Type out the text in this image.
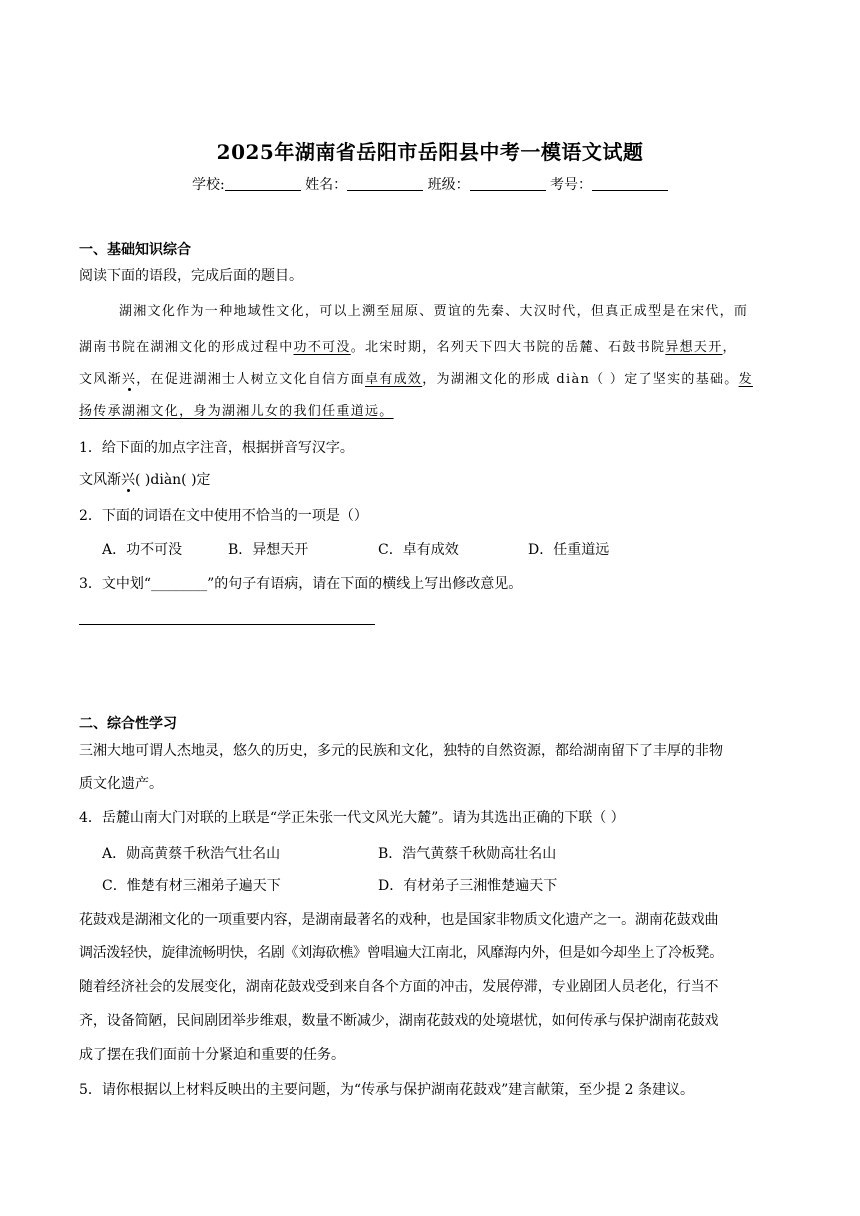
2025年湖南省岳阳市岳阳县中考一模语文试题
学校:	姓名：	班级：	考号：
一、基础知识综合
阅读下面的语段，完成后面的题目。
湖湘文化作为一种地域性文化，可以上溯至屈原、贾谊的先秦、大汉时代，但真正成型是在宋代，而
湖南书院在湖湘文化的形成过程中功不可没。北宋时期，名列天下四大书院的岳麓、石鼓书院异想天开，
文风渐兴，在促进湖湘士人树立文化自信方面卓有成效，为湖湘文化的形成 diàn（ ）定了坚实的基础。发
扬传承湖湘文化，身为湖湘儿女的我们任重道远。
1．给下面的加点字注音，根据拼音写汉字。
文风渐兴( )diàn( )定
2．下面的词语在文中使用不恰当的一项是（）
A．功不可没	B．异想天开	C．卓有成效	D．任重道远
3．文中划“________”的句子有语病，请在下面的横线上写出修改意见。
二、综合性学习
三湘大地可谓人杰地灵，悠久的历史，多元的民族和文化，独特的自然资源，都给湖南留下了丰厚的非物
质文化遗产。
4．岳麓山南大门对联的上联是“学正朱张一代文风光大麓”。请为其选出正确的下联（ ）
A．勋高黄蔡千秋浩气壮名山	B．浩气黄蔡千秋勋高壮名山
C．惟楚有材三湘弟子遍天下	D．有材弟子三湘惟楚遍天下
花鼓戏是湖湘文化的一项重要内容，是湖南最著名的戏种，也是国家非物质文化遗产之一。湖南花鼓戏曲
调活泼轻快，旋律流畅明快，名剧《刘海砍樵》曾唱遍大江南北，风靡海内外，但是如今却坐上了冷板凳。
随着经济社会的发展变化，湖南花鼓戏受到来自各个方面的冲击，发展停滞，专业剧团人员老化，行当不
齐，设备简陋，民间剧团举步维艰，数量不断减少，湖南花鼓戏的处境堪忧，如何传承与保护湖南花鼓戏
成了摆在我们面前十分紧迫和重要的任务。
5．请你根据以上材料反映出的主要问题，为“传承与保护湖南花鼓戏”建言献策，至少提 2 条建议。
